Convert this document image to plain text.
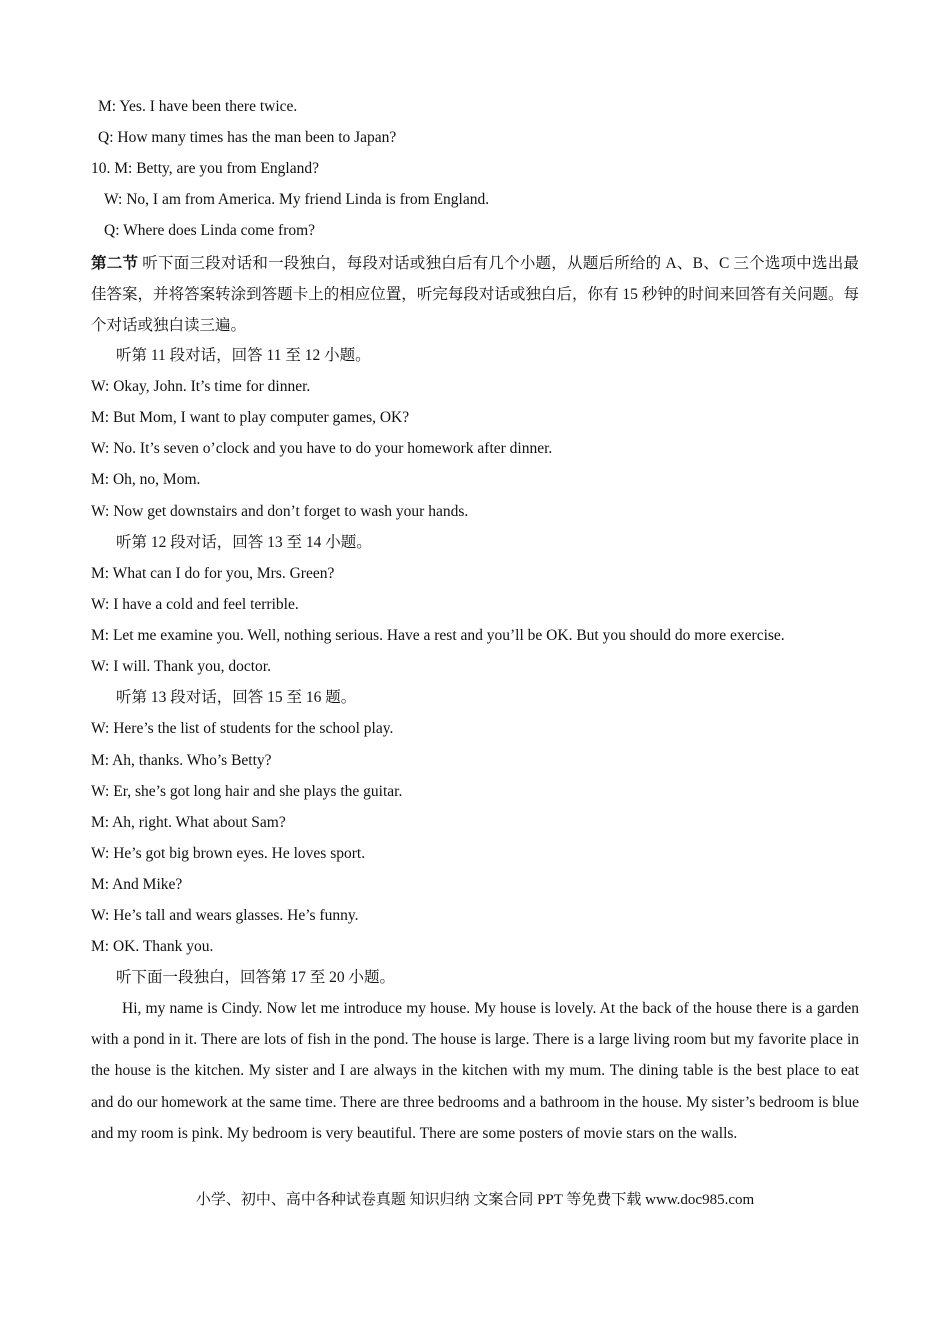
M: Yes. I have been there twice.
Q: How many times has the man been to Japan?
10. M: Betty, are you from England?
W: No, I am from America. My friend Linda is from England.
Q: Where does Linda come from?
第二节 听下面三段对话和一段独白，每段对话或独白后有几个小题，从题后所给的 A、B、C 三个选项中选出最佳答案，并将答案转涂到答题卡上的相应位置，听完每段对话或独白后，你有 15 秒钟的时间来回答有关问题。每个对话或独白读三遍。
听第 11 段对话，回答 11 至 12 小题。
W: Okay, John. It’s time for dinner.
M: But Mom, I want to play computer games, OK?
W: No. It’s seven o’clock and you have to do your homework after dinner.
M: Oh, no, Mom.
W: Now get downstairs and don’t forget to wash your hands.
听第 12 段对话，回答 13 至 14 小题。
M: What can I do for you, Mrs. Green?
W: I have a cold and feel terrible.
M: Let me examine you. Well, nothing serious. Have a rest and you’ll be OK. But you should do more exercise.
W: I will. Thank you, doctor.
听第 13 段对话，回答 15 至 16 题。
W: Here’s the list of students for the school play.
M: Ah, thanks. Who’s Betty?
W: Er, she’s got long hair and she plays the guitar.
M: Ah, right. What about Sam?
W: He’s got big brown eyes. He loves sport.
M: And Mike?
W: He’s tall and wears glasses. He’s funny.
M: OK. Thank you.
听下面一段独白，回答第 17 至 20 小题。
Hi, my name is Cindy. Now let me introduce my house. My house is lovely. At the back of the house there is a garden with a pond in it. There are lots of fish in the pond. The house is large. There is a large living room but my favorite place in the house is the kitchen. My sister and I are always in the kitchen with my mum. The dining table is the best place to eat and do our homework at the same time. There are three bedrooms and a bathroom in the house. My sister’s bedroom is blue and my room is pink. My bedroom is very beautiful. There are some posters of movie stars on the walls.
小学、初中、高中各种试卷真题 知识归纳 文案合同 PPT 等免费下载 www.doc985.com
